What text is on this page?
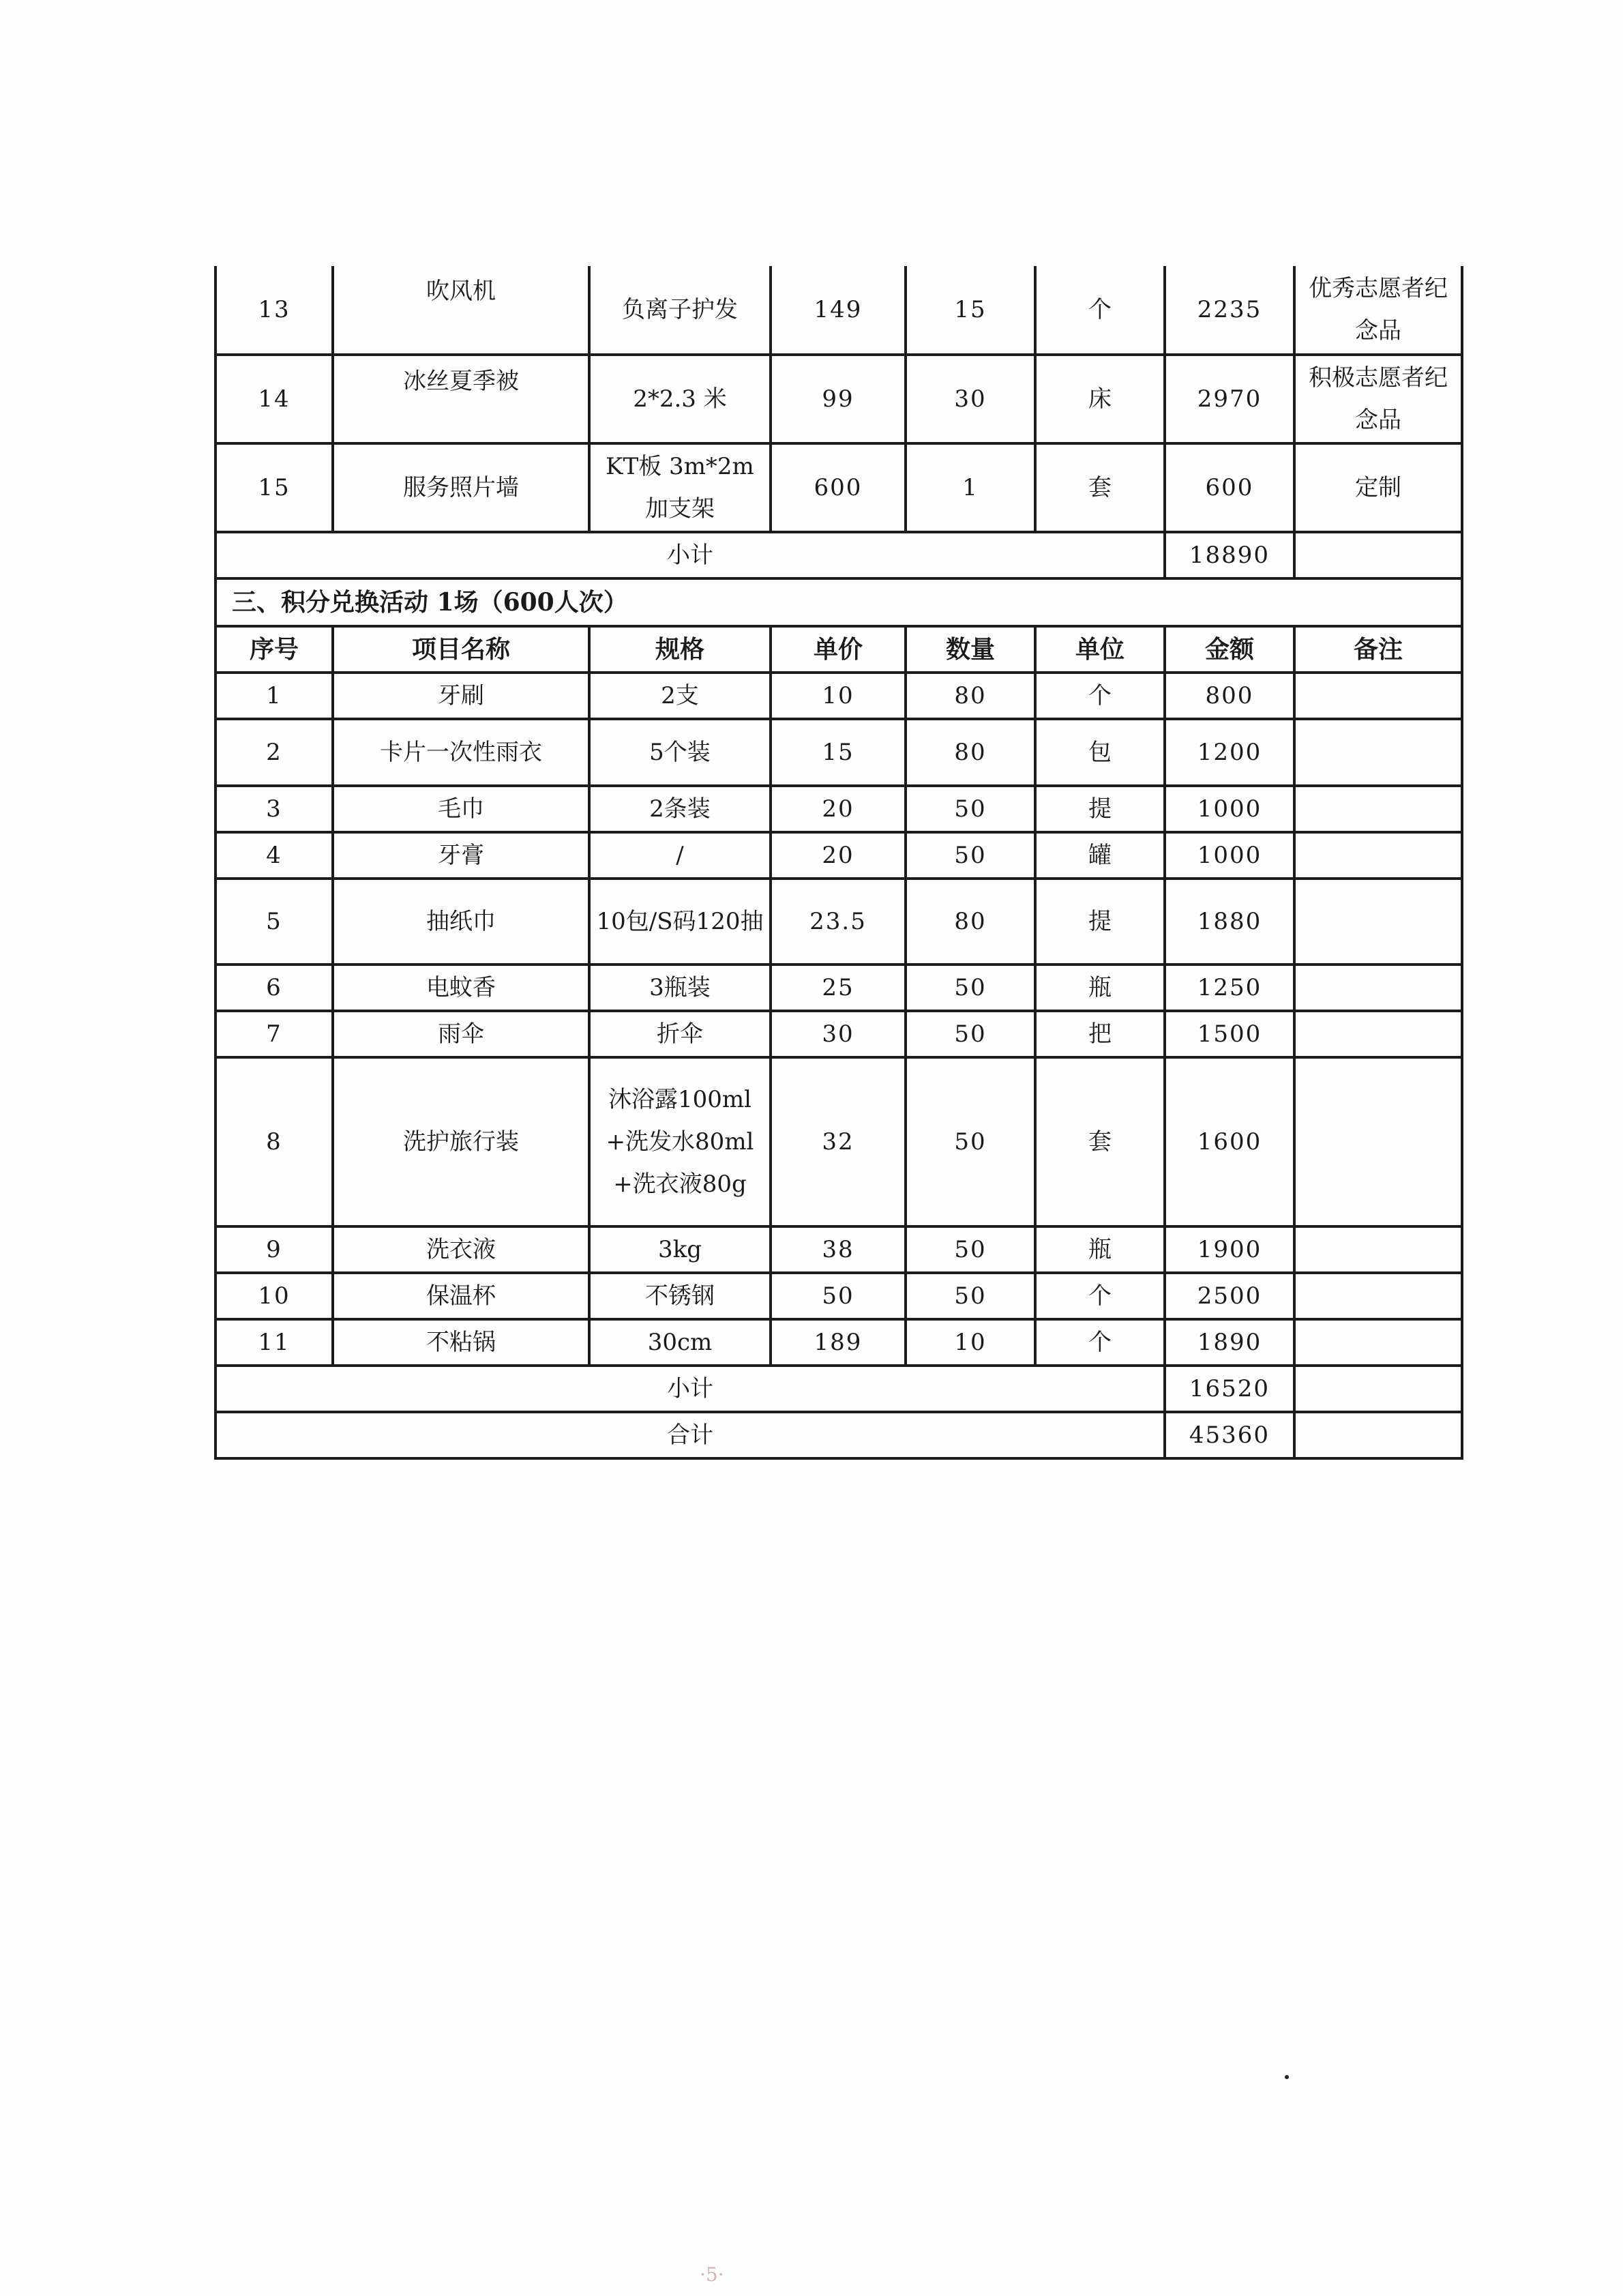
13	吹风机	负离子护发	149	15	个	2235	优秀志愿者纪念品
14	冰丝夏季被	2*2.3 米	99	30	床	2970	积极志愿者纪念品
15	服务照片墙	KT板 3m*2m加支架	600	1	套	600	定制
小计						18890	
三、积分兑换活动 1场（600人次）							
序号	项目名称	规格	单价	数量	单位	金额	备注
1	牙刷	2支	10	80	个	800	
2	卡片一次性雨衣	5个装	15	80	包	1200	
3	毛巾	2条装	20	50	提	1000	
4	牙膏	/	20	50	罐	1000	
5	抽纸巾	10包/S码120抽	23.5	80	提	1880	
6	电蚊香	3瓶装	25	50	瓶	1250	
7	雨伞	折伞	30	50	把	1500	
8	洗护旅行装	沐浴露100ml+洗发水80ml+洗衣液80g	32	50	套	1600	
9	洗衣液	3kg	38	50	瓶	1900	
10	保温杯	不锈钢	50	50	个	2500	
11	不粘锅	30cm	189	10	个	1890	
小计						16520	
合计						45360	
·5·
